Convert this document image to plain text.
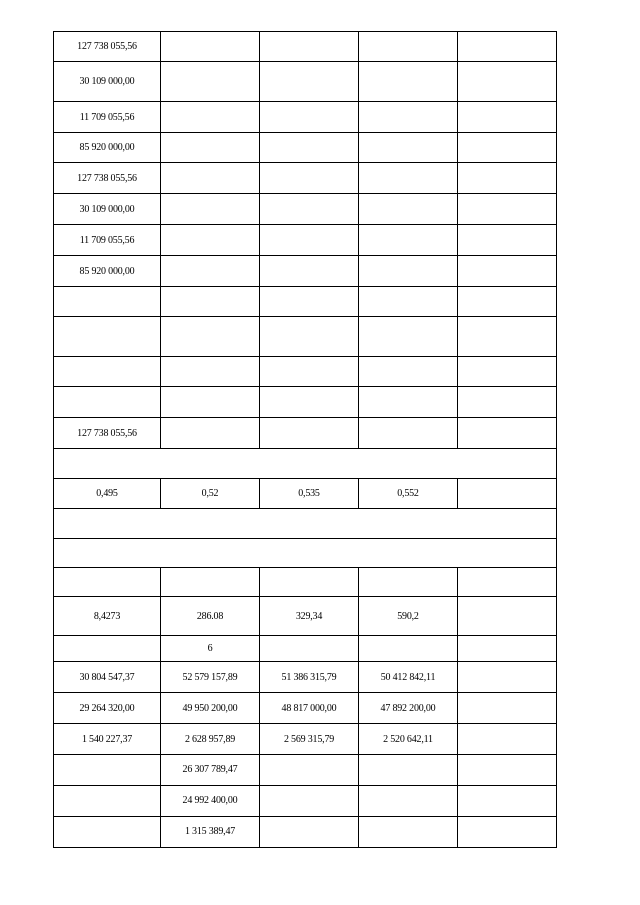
127 738 055,56				
30 109 000,00				
11 709 055,56				
85 920 000,00				
127 738 055,56				
30 109 000,00				
11 709 055,56				
85 920 000,00				

127 738 055,56				

0,495	0,52	0,535	0,552	

8,4273	286.08	329,34	590,2	
	6			
30 804 547,37	52 579 157,89	51 386 315,79	50 412 842,11	
29 264 320,00	49 950 200,00	48 817 000,00	47 892 200,00	
1 540 227,37	2 628 957,89	2 569 315,79	2 520 642,11	
	26 307 789,47			
	24 992 400,00			
	1 315 389,47			
